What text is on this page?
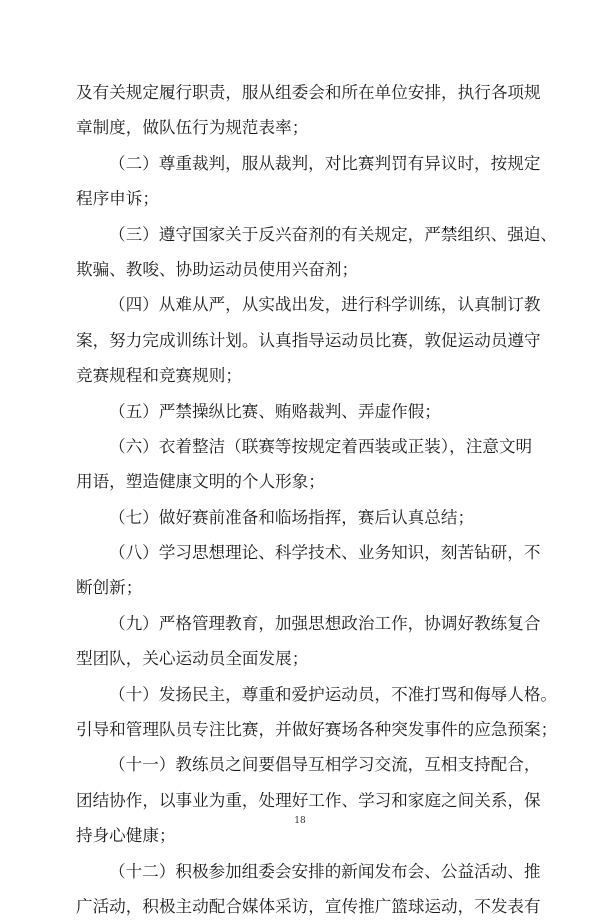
及有关规定履行职责，服从组委会和所在单位安排，执行各项规
章制度，做队伍行为规范表率；
（二）尊重裁判，服从裁判，对比赛判罚有异议时，按规定
程序申诉；
（三）遵守国家关于反兴奋剂的有关规定，严禁组织、强迫、
欺骗、教唆、协助运动员使用兴奋剂；
（四）从难从严，从实战出发，进行科学训练，认真制订教
案，努力完成训练计划。认真指导运动员比赛，敦促运动员遵守
竞赛规程和竞赛规则；
（五）严禁操纵比赛、贿赂裁判、弄虚作假；
（六）衣着整洁（联赛等按规定着西装或正装），注意文明
用语，塑造健康文明的个人形象；
（七）做好赛前准备和临场指挥，赛后认真总结；
（八）学习思想理论、科学技术、业务知识，刻苦钻研，不
断创新；
（九）严格管理教育，加强思想政治工作，协调好教练复合
型团队，关心运动员全面发展；
（十）发扬民主，尊重和爱护运动员，不准打骂和侮辱人格。
引导和管理队员专注比赛，并做好赛场各种突发事件的应急预案；
（十一）教练员之间要倡导互相学习交流，互相支持配合，
团结协作，以事业为重，处理好工作、学习和家庭之间关系，保
持身心健康；
（十二）积极参加组委会安排的新闻发布会、公益活动、推
广活动，积极主动配合媒体采访，宣传推广篮球运动，不发表有
18
